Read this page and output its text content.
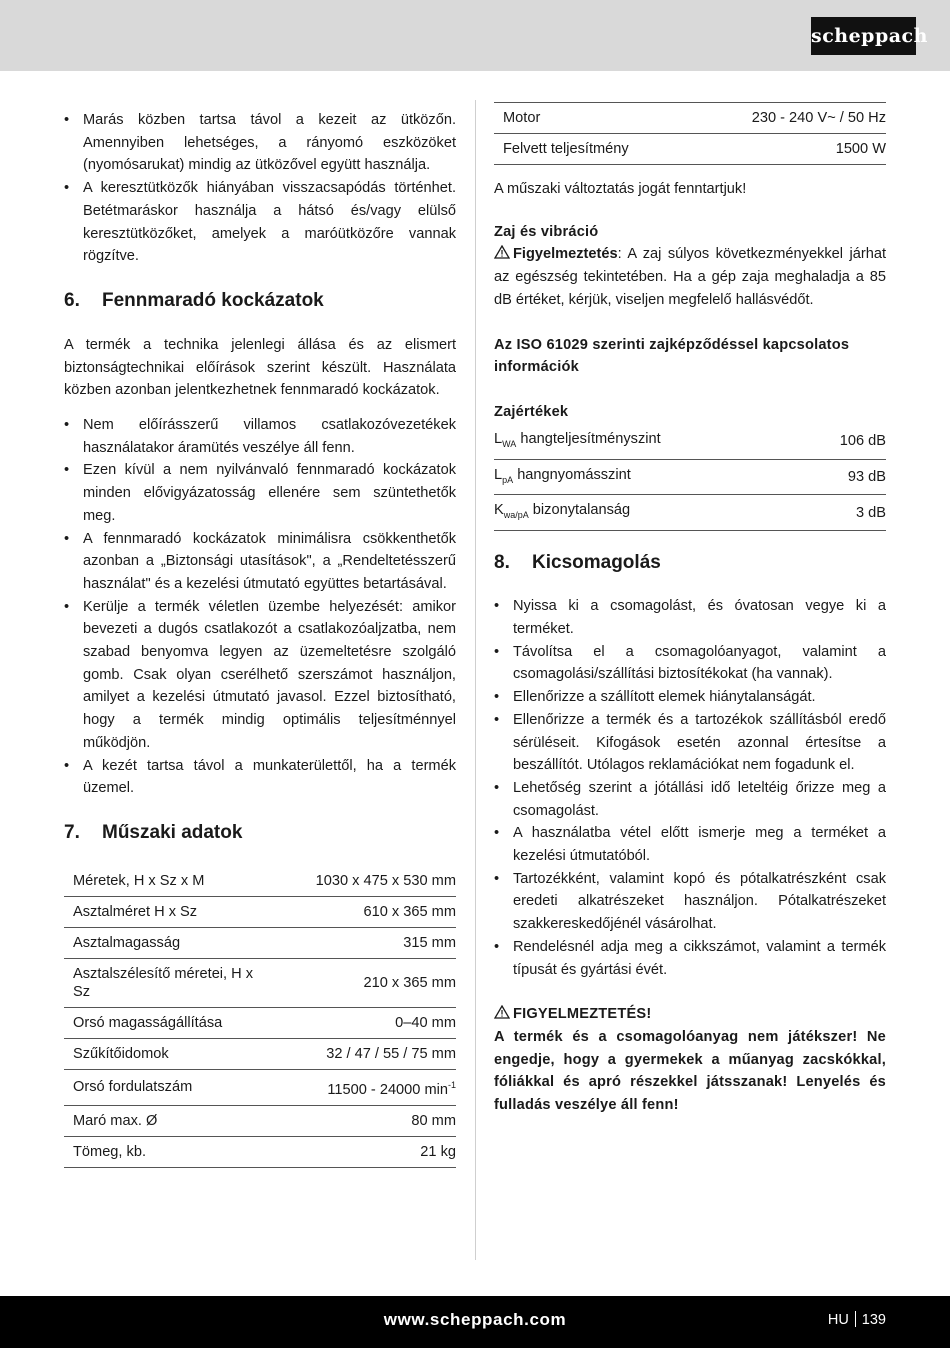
scheppach
• Marás közben tartsa távol a kezeit az ütközőn. Amennyiben lehetséges, a rányomó eszközöket (nyomósarukat) mindig az ütközővel együtt használja.
• A keresztütközők hiányában visszacsapódás történhet. Betétmaráskor használja a hátsó és/vagy elülső keresztütközőket, amelyek a maróütközőre vannak rögzítve.
6.	Fennmaradó kockázatok

A termék a technika jelenlegi állása és az elismert biztonságtechnikai előírások szerint készült. Használata közben azonban jelentkezhetnek fennmaradó kockázatok.

• Nem előírásszerű villamos csatlakozóvezetékek használatakor áramütés veszélye áll fenn.
• Ezen kívül a nem nyilvánvaló fennmaradó kockázatok minden elővigyázatosság ellenére sem szüntethetők meg.
• A fennmaradó kockázatok minimálisra csökkenthetők azonban a „Biztonsági utasítások", a „Rendeltetésszerű használat" és a kezelési útmutató együttes betartásával.
• Kerülje a termék véletlen üzembe helyezését: amikor bevezeti a dugós csatlakozót a csatlakozóaljzatba, nem szabad benyomva legyen az üzemeltetésre szolgáló gomb. Csak olyan cserélhető szerszámot használjon, amilyet a kezelési útmutató javasol. Ezzel biztosítható, hogy a termék mindig optimális teljesítménnyel működjön.
• A kezét tartsa távol a munkaterülettől, ha a termék üzemel.
7.	Műszaki adatok
Méretek, H x Sz x M	1030 x 475 x 530 mm
Asztalméret H x Sz	610 x 365 mm
Asztalmagasság	315 mm
Asztalszélesítő méretei, H x Sz	210 x 365 mm
Orsó magasságállítása	0–40 mm
Szűkítőidomok	32 / 47 / 55 / 75 mm
Orsó fordulatszám	11500 - 24000 $\min^{-1}$
Maró max. Ø	80 mm
Tömeg, kb.	21 kg
Motor	230 - 240 V~ / 50 Hz
Felvett teljesítmény	1500 W

A műszaki változtatás jogát fenntartjuk!

Zaj és vibráció

Figyelmeztetés: A zaj súlyos következményekkel járhat az egészség tekintetében. Ha a gép zaja meghaladja a 85 dB értéket, kérjük, viseljen megfelelő hallásvédőt.

Az ISO 61029 szerinti zajképződéssel kapcsolatos információk
Zajértékek
$L_{WA}$ hangteljesítményszint	106 dB
$L_{pA}$ hangnyomásszint	93 dB
$K_{wa/pA}$ bizonytalanság	3 dB
8.	Kicsomagolás
• Nyissa ki a csomagolást, és óvatosan vegye ki a terméket.
• Távolítsa el a csomagolóanyagot, valamint a csomagolási/szállítási biztosítékokat (ha vannak).
• Ellenőrizze a szállított elemek hiánytalanságát.
• Ellenőrizze a termék és a tartozékok szállításból eredő sérüléseit. Kifogások esetén azonnal értesítse a beszállítót. Utólagos reklamációkat nem fogadunk el.
• Lehetőség szerint a jótállási idő leteltéig őrizze meg a csomagolást.
• A használatba vétel előtt ismerje meg a terméket a kezelési útmutatóból.
• Tartozékként, valamint kopó és pótalkatrészként csak eredeti alkatrészeket használjon. Pótalkatrészeket szakkereskedőjénél vásárolhat.
• Rendelésnél adja meg a cikkszámot, valamint a termék típusát és gyártási évét.
FIGYELMEZTETÉS!

A termék és a csomagolóanyag nem játékszer! Ne engedje, hogy a gyermekek a műanyag zacskókkal, fóliákkal és apró részekkel játsszanak! Lenyelés és fulladás veszélye áll fenn!

www.scheppach.com	HU 139
